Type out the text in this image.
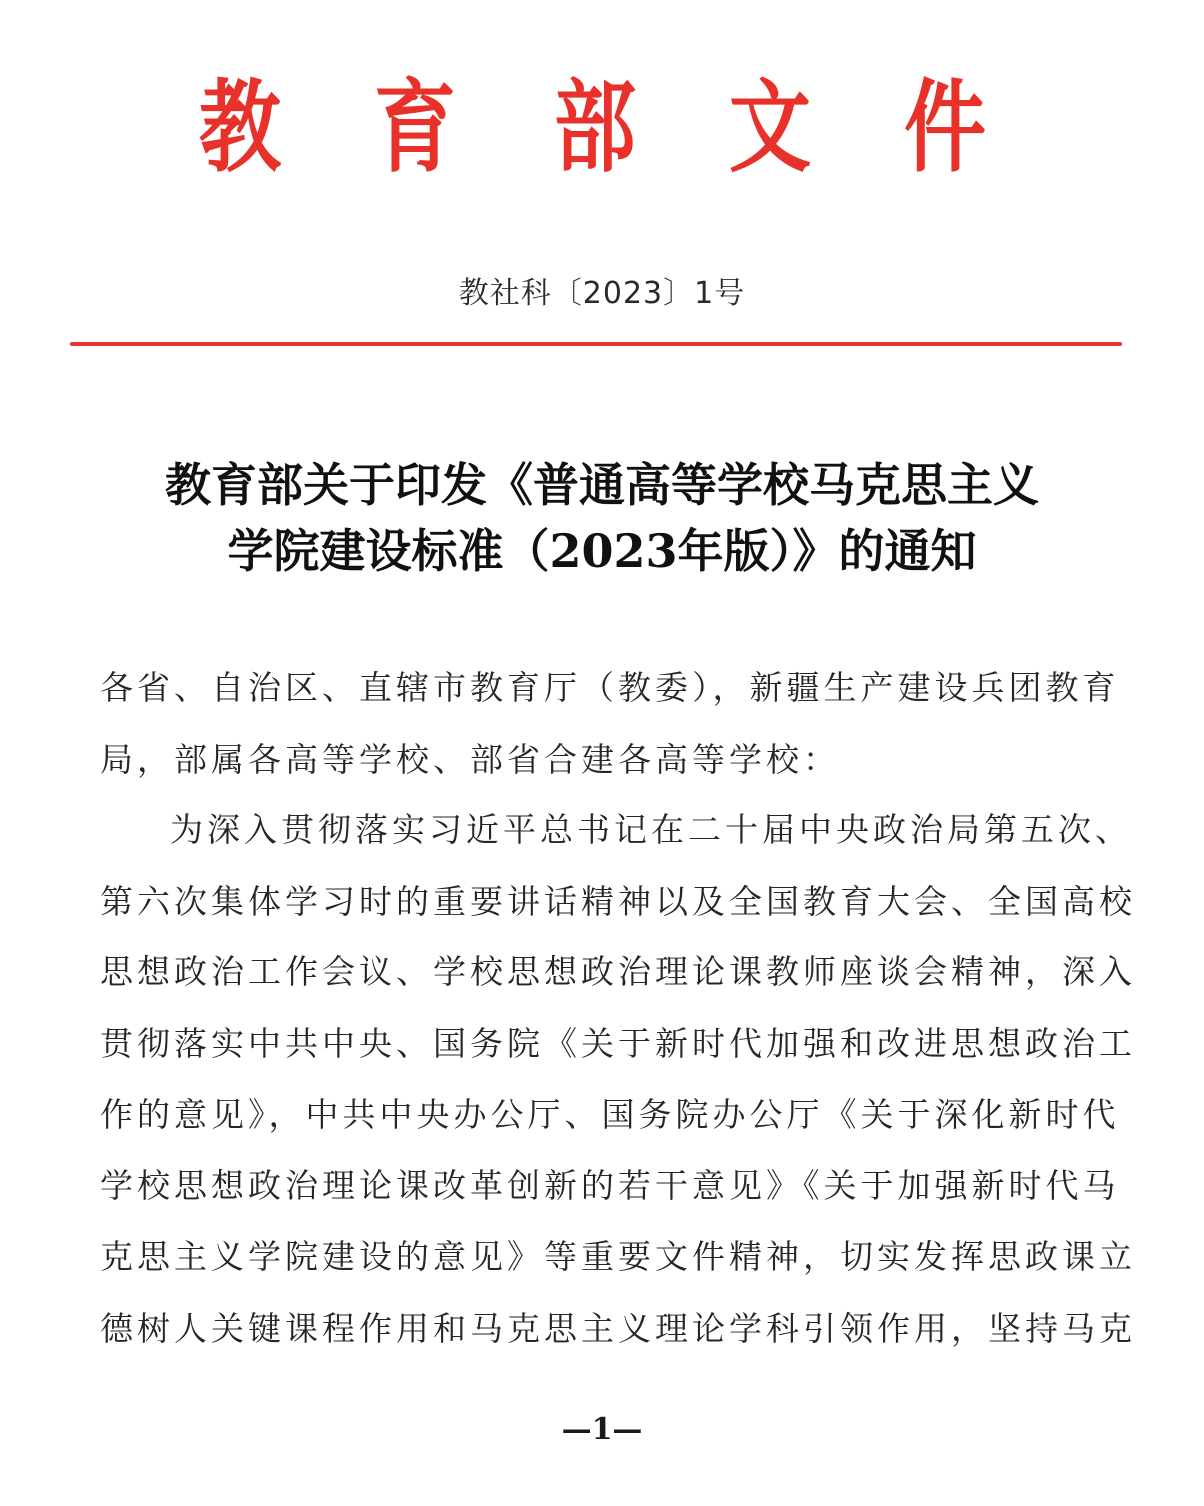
教 育 部 文 件
教社科〔2023〕1号
教育部关于印发《普通高等学校马克思主义
学院建设标准（2023年版）》的通知
各省、自治区、直辖市教育厅（教委），新疆生产建设兵团教育
局，部属各高等学校、部省合建各高等学校：
为深入贯彻落实习近平总书记在二十届中央政治局第五次、
第六次集体学习时的重要讲话精神以及全国教育大会、全国高校
思想政治工作会议、学校思想政治理论课教师座谈会精神，深入
贯彻落实中共中央、国务院《关于新时代加强和改进思想政治工
作的意见》，中共中央办公厅、国务院办公厅《关于深化新时代
学校思想政治理论课改革创新的若干意见》《关于加强新时代马
克思主义学院建设的意见》等重要文件精神，切实发挥思政课立
德树人关键课程作用和马克思主义理论学科引领作用，坚持马克
—1—
